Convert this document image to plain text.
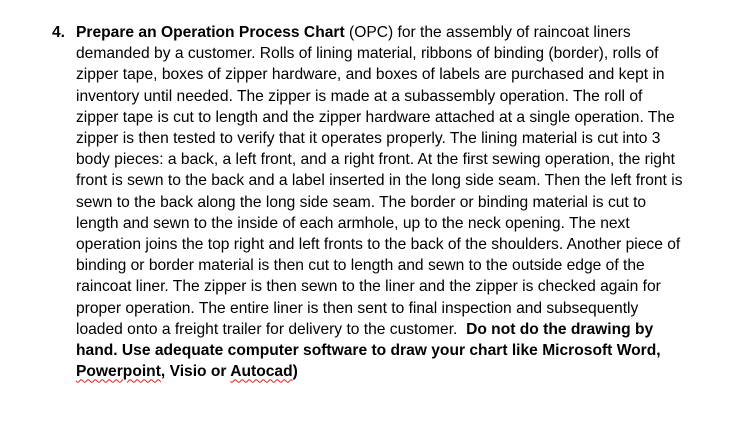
4. Prepare an Operation Process Chart (OPC) for the assembly of raincoat liners
demanded by a customer. Rolls of lining material, ribbons of binding (border), rolls of
zipper tape, boxes of zipper hardware, and boxes of labels are purchased and kept in
inventory until needed. The zipper is made at a subassembly operation. The roll of
zipper tape is cut to length and the zipper hardware attached at a single operation. The
zipper is then tested to verify that it operates properly. The lining material is cut into 3
body pieces: a back, a left front, and a right front. At the first sewing operation, the right
front is sewn to the back and a label inserted in the long side seam. Then the left front is
sewn to the back along the long side seam. The border or binding material is cut to
length and sewn to the inside of each armhole, up to the neck opening. The next
operation joins the top right and left fronts to the back of the shoulders. Another piece of
binding or border material is then cut to length and sewn to the outside edge of the
raincoat liner. The zipper is then sewn to the liner and the zipper is checked again for
proper operation. The entire liner is then sent to final inspection and subsequently
loaded onto a freight trailer for delivery to the customer.  Do not do the drawing by
hand. Use adequate computer software to draw your chart like Microsoft Word,
Powerpoint, Visio or Autocad)
